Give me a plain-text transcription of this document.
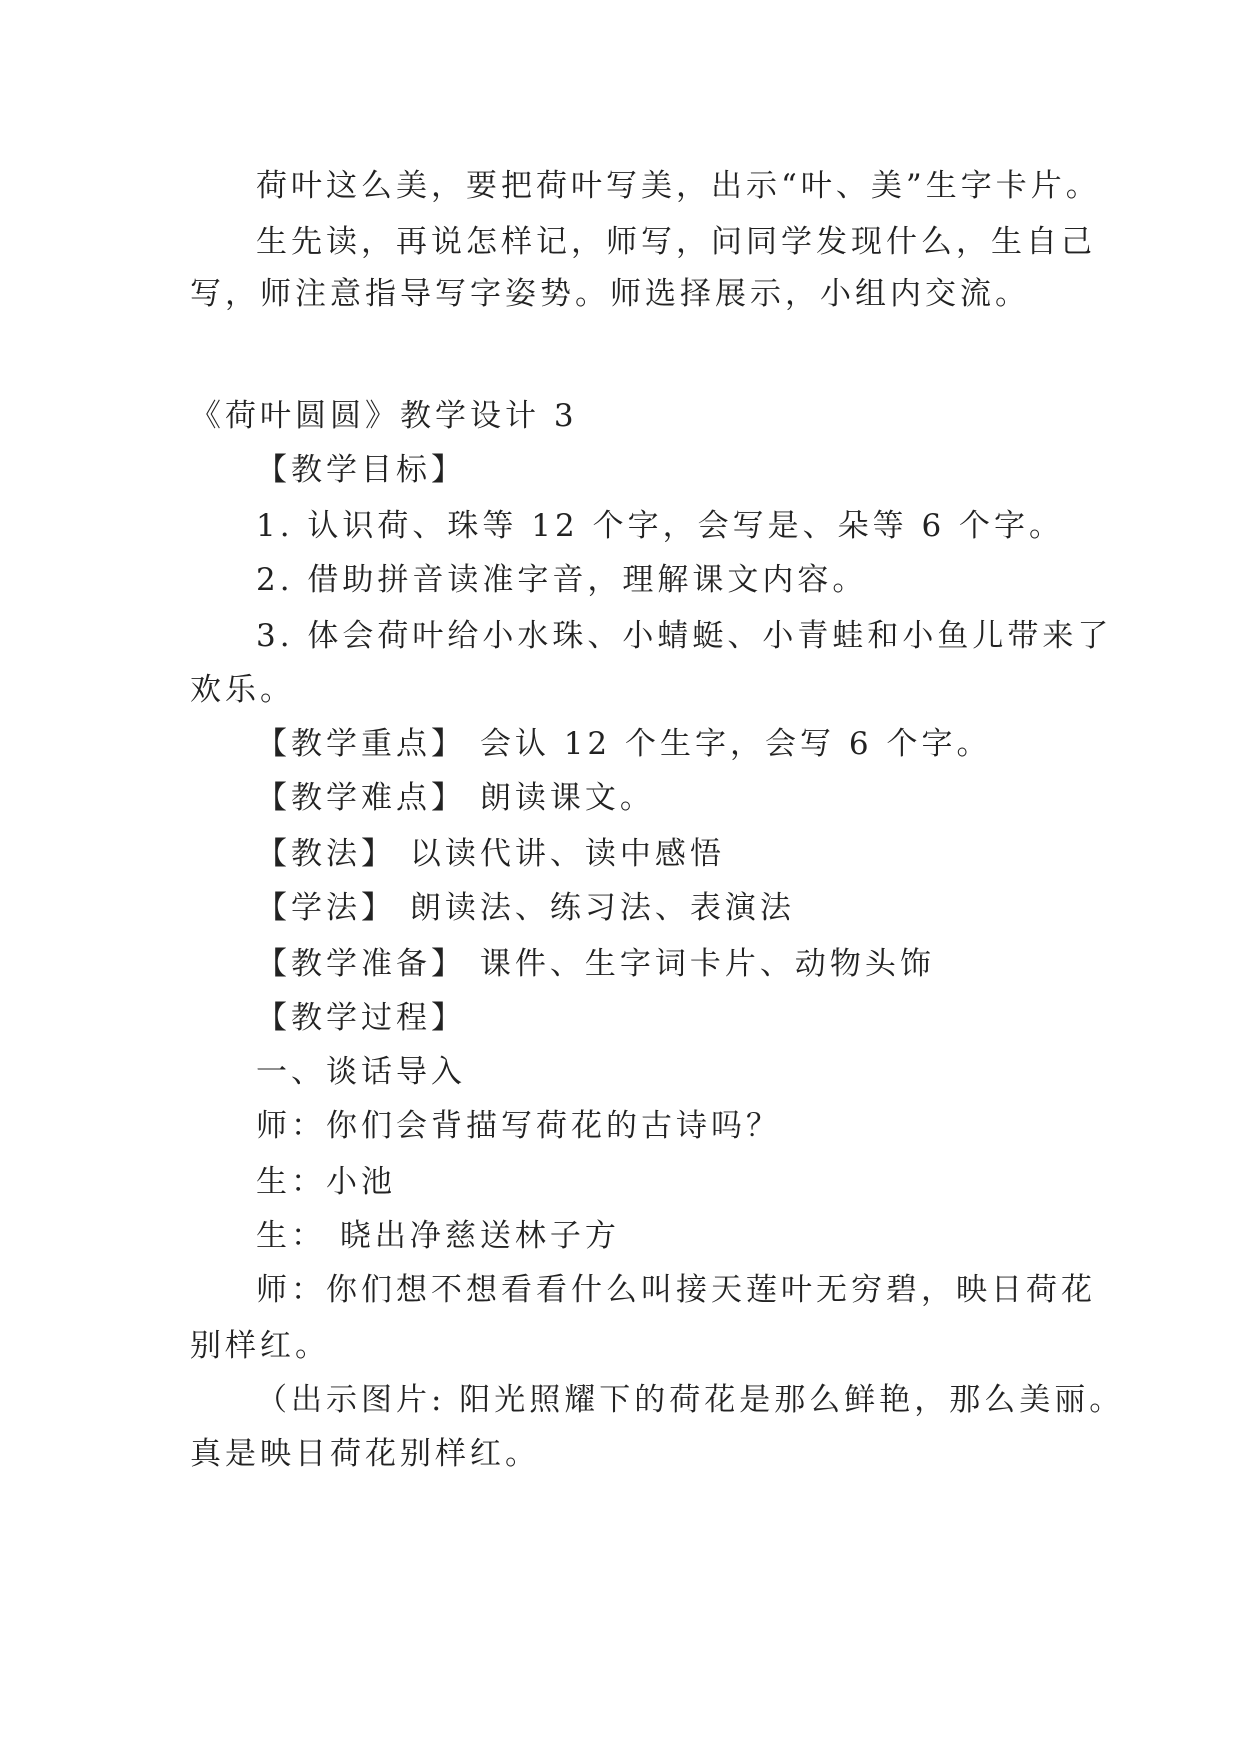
荷叶这么美，要把荷叶写美，出示“叶、美”生字卡片。
生先读，再说怎样记，师写，问同学发现什么，生自己
写，师注意指导写字姿势。师选择展示，小组内交流。
《荷叶圆圆》教学设计 3
【教学目标】
1. 认识荷、珠等 12 个字，会写是、朵等 6 个字。
2. 借助拼音读准字音，理解课文内容。
3. 体会荷叶给小水珠、小蜻蜓、小青蛙和小鱼儿带来了
欢乐。
【教学重点】 会认 12 个生字，会写 6 个字。
【教学难点】 朗读课文。
【教法】 以读代讲、读中感悟
【学法】 朗读法、练习法、表演法
【教学准备】 课件、生字词卡片、动物头饰
【教学过程】
一、谈话导入
师：你们会背描写荷花的古诗吗？
生：小池
生： 晓出净慈送林子方
师：你们想不想看看什么叫接天莲叶无穷碧，映日荷花
别样红。
（出示图片: 阳光照耀下的荷花是那么鲜艳，那么美丽。
真是映日荷花别样红。
